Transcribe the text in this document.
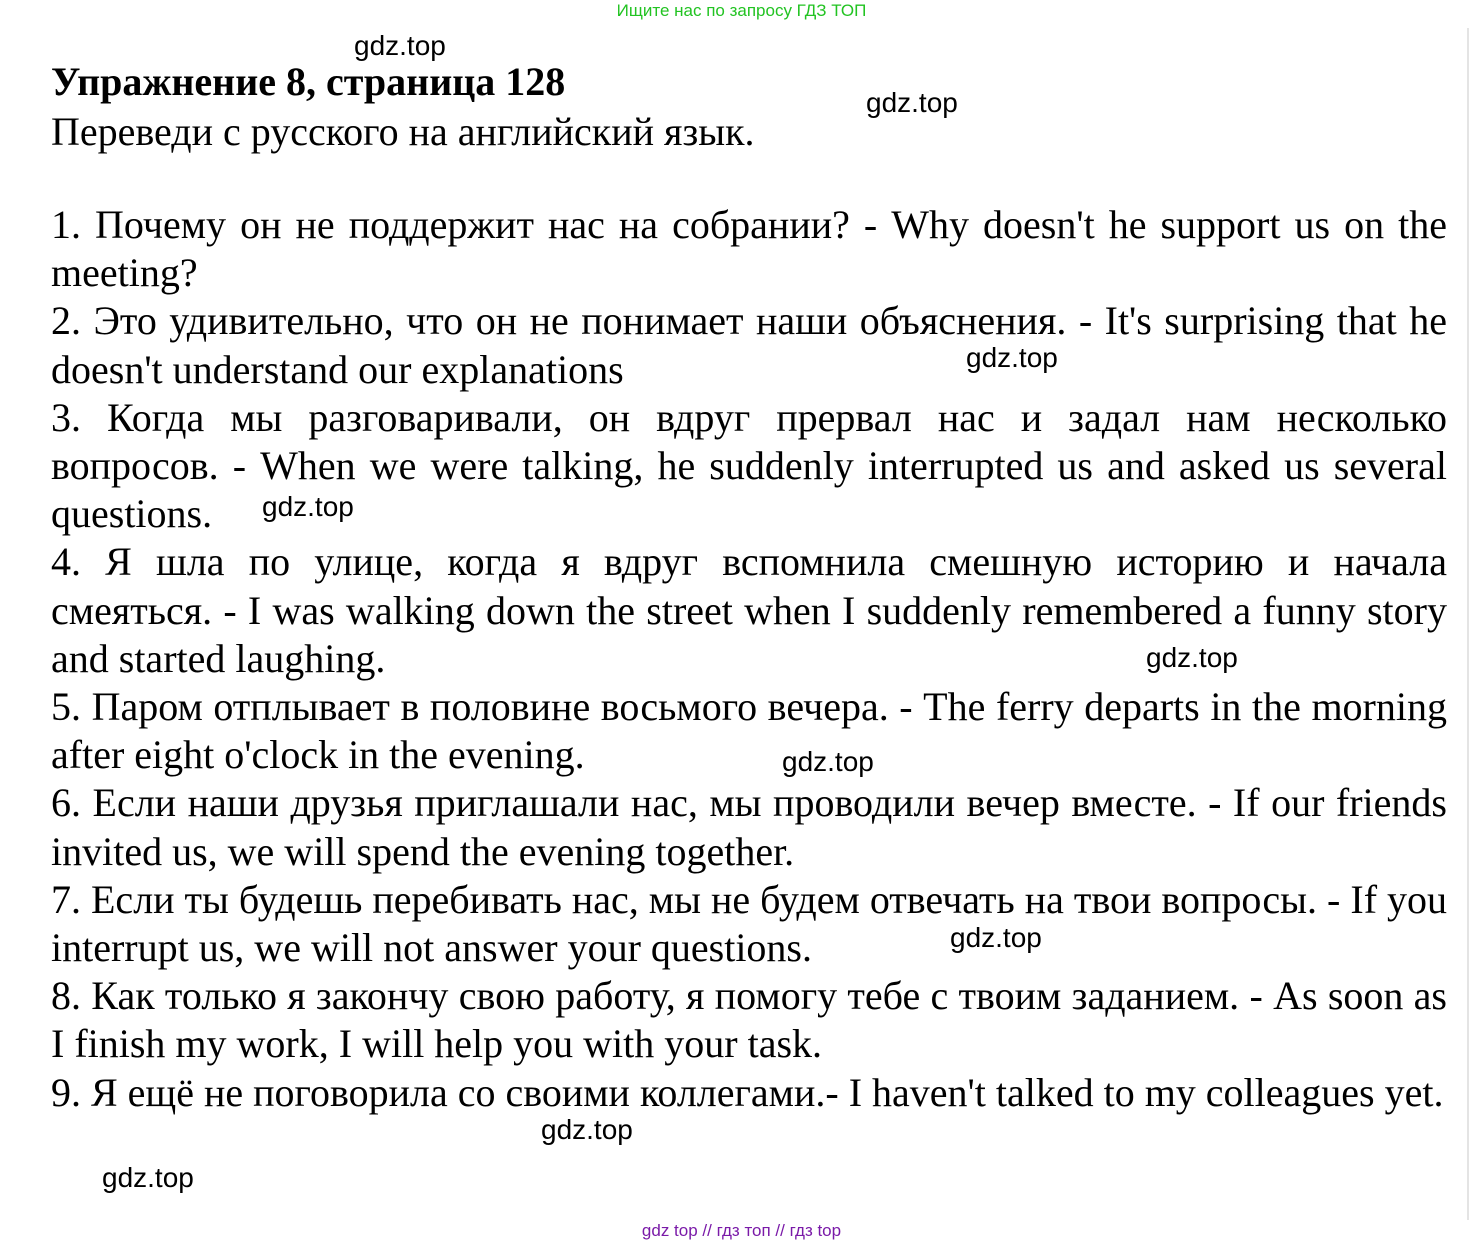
Ищите нас по запросу ГДЗ ТОП
Упражнение 8, страница 128
Переведи с русского на английский язык.
1. Почему он не поддержит нас на собрании? - Why doesn't he support us on the meeting?
2. Это удивительно, что он не понимает наши объяснения. - It's surprising that he doesn't understand our explanations
3. Когда мы разговаривали, он вдруг прервал нас и задал нам несколько вопросов. - When we were talking, he suddenly interrupted us and asked us several questions.
4. Я шла по улице, когда я вдруг вспомнила смешную историю и начала смеяться. - I was walking down the street when I suddenly remembered a funny story and started laughing.
5. Паром отплывает в половине восьмого вечера. - The ferry departs in the morning after eight o'clock in the evening.
6. Если наши друзья приглашали нас, мы проводили вечер вместе. - If our friends invited us, we will spend the evening together.
7. Если ты будешь перебивать нас, мы не будем отвечать на твои вопросы. - If you interrupt us, we will not answer your questions.
8. Как только я закончу свою работу, я помогу тебе с твоим заданием. - As soon as I finish my work, I will help you with your task.
9. Я ещё не поговорила со своими коллегами.- I haven't talked to my colleagues yet.
gdz.top
gdz.top
gdz.top
gdz.top
gdz.top
gdz.top
gdz.top
gdz.top
gdz.top
gdz top // гдз топ // гдз top
